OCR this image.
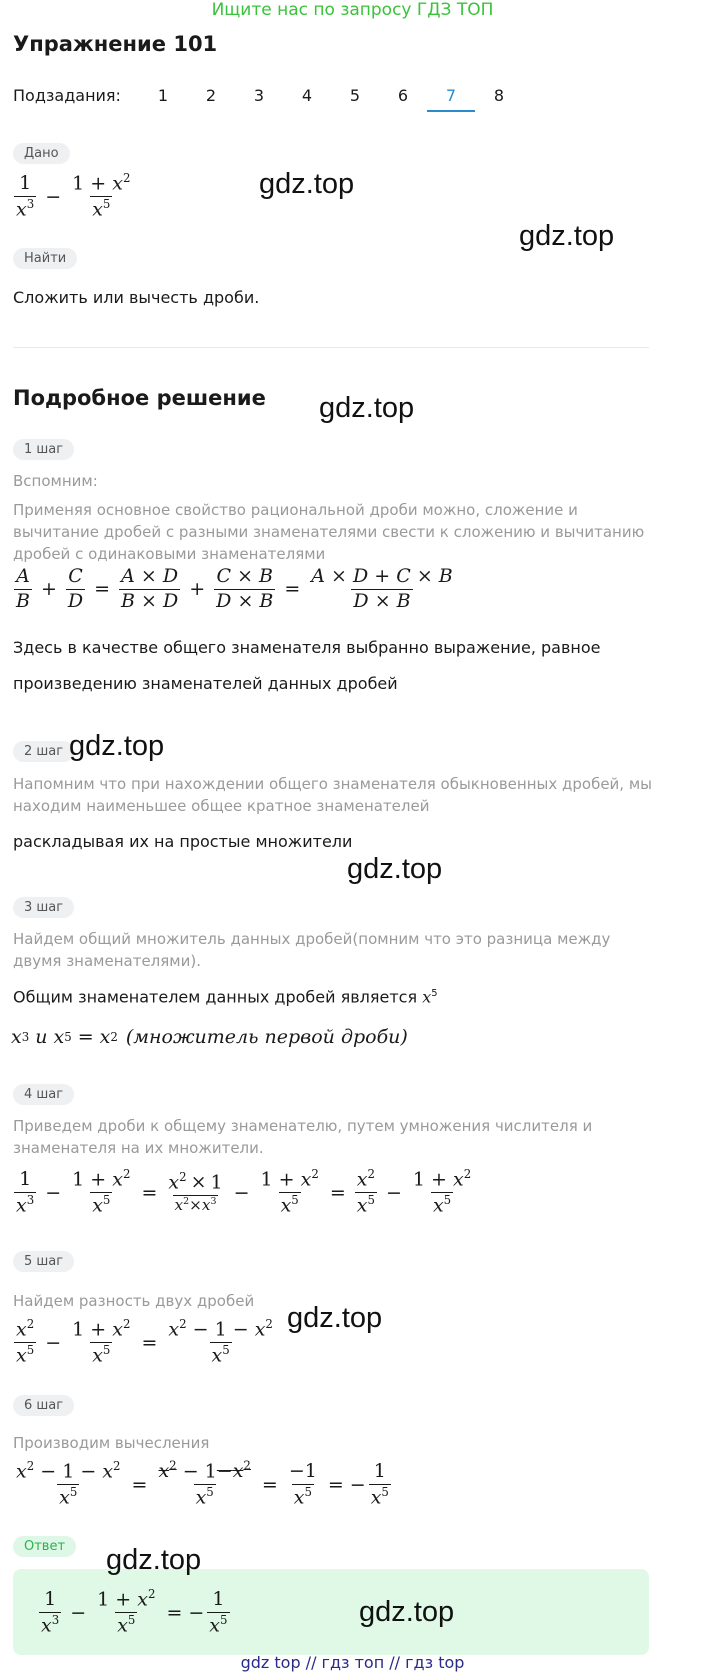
Ищите нас по запросу ГДЗ ТОП
Упражнение 101
Подзадания:	1	2	3	4	5	6	7	8
Дано
$\frac{1}{x^3} - \frac{1 + x^2}{x^5}$
Найти
Сложить или вычесть дроби.
Подробное решение
1 шаг
Вспомним:
Применяя основное свойство рациональной дроби можно, сложение и вычитание дробей с разными знаменателями свести к сложению и вычитанию дробей с одинаковыми знаменателями
$\frac{A}{B} + \frac{C}{D} = \frac{A \times D}{B \times D} + \frac{C \times B}{D \times B} = \frac{A \times D + C \times B}{D \times B}$
Здесь в качестве общего знаменателя выбранно выражение, равное
произведению знаменателей данных дробей
2 шаг
Напомним что при нахождении общего знаменателя обыкновенных дробей, мы находим наименьшее общее кратное знаменателей
раскладывая их на простые множители
3 шаг
Найдем общий множитель данных дробей(помним что это разница между двумя знаменателями).
Общим знаменателем данных дробей является $x^5$
x 3 и x 5 = x 2 (множитель первой дроби)
4 шаг
Приведем дроби к общему знаменателю, путем умножения числителя и знаменателя на их множители.
$\frac{1}{x^3} - \frac{1 + x^2}{x^5} = \frac{x^2 \times 1}{x^2\times x^3} - \frac{1 + x^2}{x^5} = \frac{x^2}{x^5} - \frac{1 + x^2}{x^5}$
5 шаг
Найдем разность двух дробей
$\frac{x^2}{x^5} - \frac{1 + x^2}{x^5} = \frac{x^2 - 1 - x^2}{x^5}$
6 шаг
Производим вычесления
$\frac{x^2 - 1 - x^2}{x^5} = \frac{x^2 - 1-x^2}{x^5} = \frac{-1}{x^5}$ = − $\frac{1}{x^5}$
Ответ
$\frac{1}{x^3} - \frac{1 + x^2}{x^5}$ = − $\frac{1}{x^5}$
gdz.top
gdz.top
gdz.top
gdz.top
gdz.top
gdz.top
gdz.top
gdz.top
gdz top // гдз топ // гдз top
